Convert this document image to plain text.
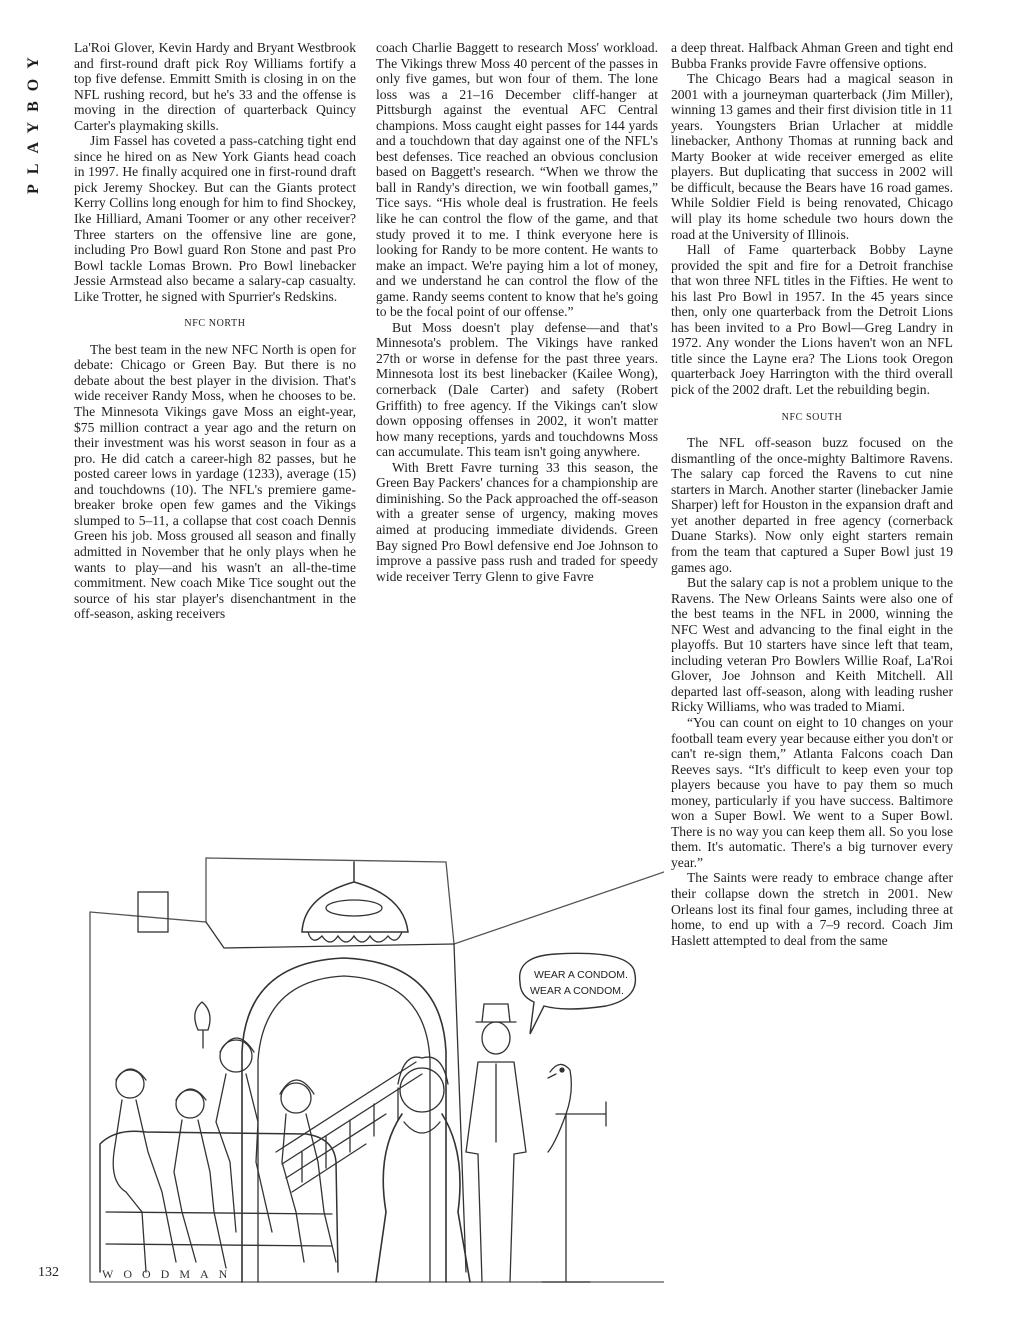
PLAYBOY La'Roi Glover, Kevin Hardy and Bryant Westbrook and first-round draft pick Roy Williams fortify a top five defense. Emmitt Smith is closing in on the NFL rushing record, but he's 33 and the offense is moving in the direction of quarterback Quincy Carter's playmaking skills.

Jim Fassel has coveted a pass-catching tight end since he hired on as New York Giants head coach in 1997. He finally acquired one in first-round draft pick Jeremy Shockey. But can the Giants protect Kerry Collins long enough for him to find Shockey, Ike Hilliard, Amani Toomer or any other receiver? Three starters on the offensive line are gone, including Pro Bowl guard Ron Stone and past Pro Bowl tackle Lomas Brown. Pro Bowl linebacker Jessie Armstead also became a salary-cap casualty. Like Trotter, he signed with Spurrier's Redskins.

NFC NORTH

The best team in the new NFC North is open for debate: Chicago or Green Bay. But there is no debate about the best player in the division. That's wide receiver Randy Moss, when he chooses to be. The Minnesota Vikings gave Moss an eight-year, $75 million contract a year ago and the return on their investment was his worst season in four as a pro. He did catch a career-high 82 passes, but he posted career lows in yardage (1233), average (15) and touchdowns (10). The NFL's premiere game-breaker broke open few games and the Vikings slumped to 5–11, a collapse that cost coach Dennis Green his job. Moss groused all season and finally admitted in November that he only plays when he wants to play—and his wasn't an all-the-time commitment. New coach Mike Tice sought out the source of his star player's disenchantment in the off-season, asking receivers

coach Charlie Baggett to research Moss' workload. The Vikings threw Moss 40 percent of the passes in only five games, but won four of them. The lone loss was a 21–16 December cliff-hanger at Pittsburgh against the eventual AFC Central champions. Moss caught eight passes for 144 yards and a touchdown that day against one of the NFL's best defenses. Tice reached an obvious conclusion based on Baggett's research. “When we throw the ball in Randy's direction, we win football games,” Tice says. “His whole deal is frustration. He feels like he can control the flow of the game, and that study proved it to me. I think everyone here is looking for Randy to be more content. He wants to make an impact. We're paying him a lot of money, and we understand he can control the flow of the game. Randy seems content to know that he's going to be the focal point of our offense.”

But Moss doesn't play defense—and that's Minnesota's problem. The Vikings have ranked 27th or worse in defense for the past three years. Minnesota lost its best linebacker (Kailee Wong), cornerback (Dale Carter) and safety (Robert Griffith) to free agency. If the Vikings can't slow down opposing offenses in 2002, it won't matter how many receptions, yards and touchdowns Moss can accumulate. This team isn't going anywhere.

With Brett Favre turning 33 this season, the Green Bay Packers' chances for a championship are diminishing. So the Pack approached the off-season with a greater sense of urgency, making moves aimed at producing immediate dividends. Green Bay signed Pro Bowl defensive end Joe Johnson to improve a passive pass rush and traded for speedy wide receiver Terry Glenn to give Favre

a deep threat. Halfback Ahman Green and tight end Bubba Franks provide Favre offensive options.

The Chicago Bears had a magical season in 2001 with a journeyman quarterback (Jim Miller), winning 13 games and their first division title in 11 years. Youngsters Brian Urlacher at middle linebacker, Anthony Thomas at running back and Marty Booker at wide receiver emerged as elite players. But duplicating that success in 2002 will be difficult, because the Bears have 16 road games. While Soldier Field is being renovated, Chicago will play its home schedule two hours down the road at the University of Illinois.

Hall of Fame quarterback Bobby Layne provided the spit and fire for a Detroit franchise that won three NFL titles in the Fifties. He went to his last Pro Bowl in 1957. In the 45 years since then, only one quarterback from the Detroit Lions has been invited to a Pro Bowl—Greg Landry in 1972. Any wonder the Lions haven't won an NFL title since the Layne era? The Lions took Oregon quarterback Joey Harrington with the third overall pick of the 2002 draft. Let the rebuilding begin.

NFC SOUTH

The NFL off-season buzz focused on the dismantling of the once-mighty Baltimore Ravens. The salary cap forced the Ravens to cut nine starters in March. Another starter (linebacker Jamie Sharper) left for Houston in the expansion draft and yet another departed in free agency (cornerback Duane Starks). Now only eight starters remain from the team that captured a Super Bowl just 19 games ago.

But the salary cap is not a problem unique to the Ravens. The New Orleans Saints were also one of the best teams in the NFL in 2000, winning the NFC West and advancing to the final eight in the playoffs. But 10 starters have since left that team, including veteran Pro Bowlers Willie Roaf, La'Roi Glover, Joe Johnson and Keith Mitchell. All departed last off-season, along with leading rusher Ricky Williams, who was traded to Miami.

“You can count on eight to 10 changes on your football team every year because either you don't or can't re-sign them,” Atlanta Falcons coach Dan Reeves says. “It's difficult to keep even your top players because you have to pay them so much money, particularly if you have success. Baltimore won a Super Bowl. We went to a Super Bowl. There is no way you can keep them all. So you lose them. It's automatic. There's a big turnover every year.”

The Saints were ready to embrace change after their collapse down the stretch in 2001. New Orleans lost its final four games, including three at home, to end up with a 7–9 record. Coach Jim Haslett attempted to deal from the same

WEAR A CONDOM.
WEAR A CONDOM.
WOODMAN
132
